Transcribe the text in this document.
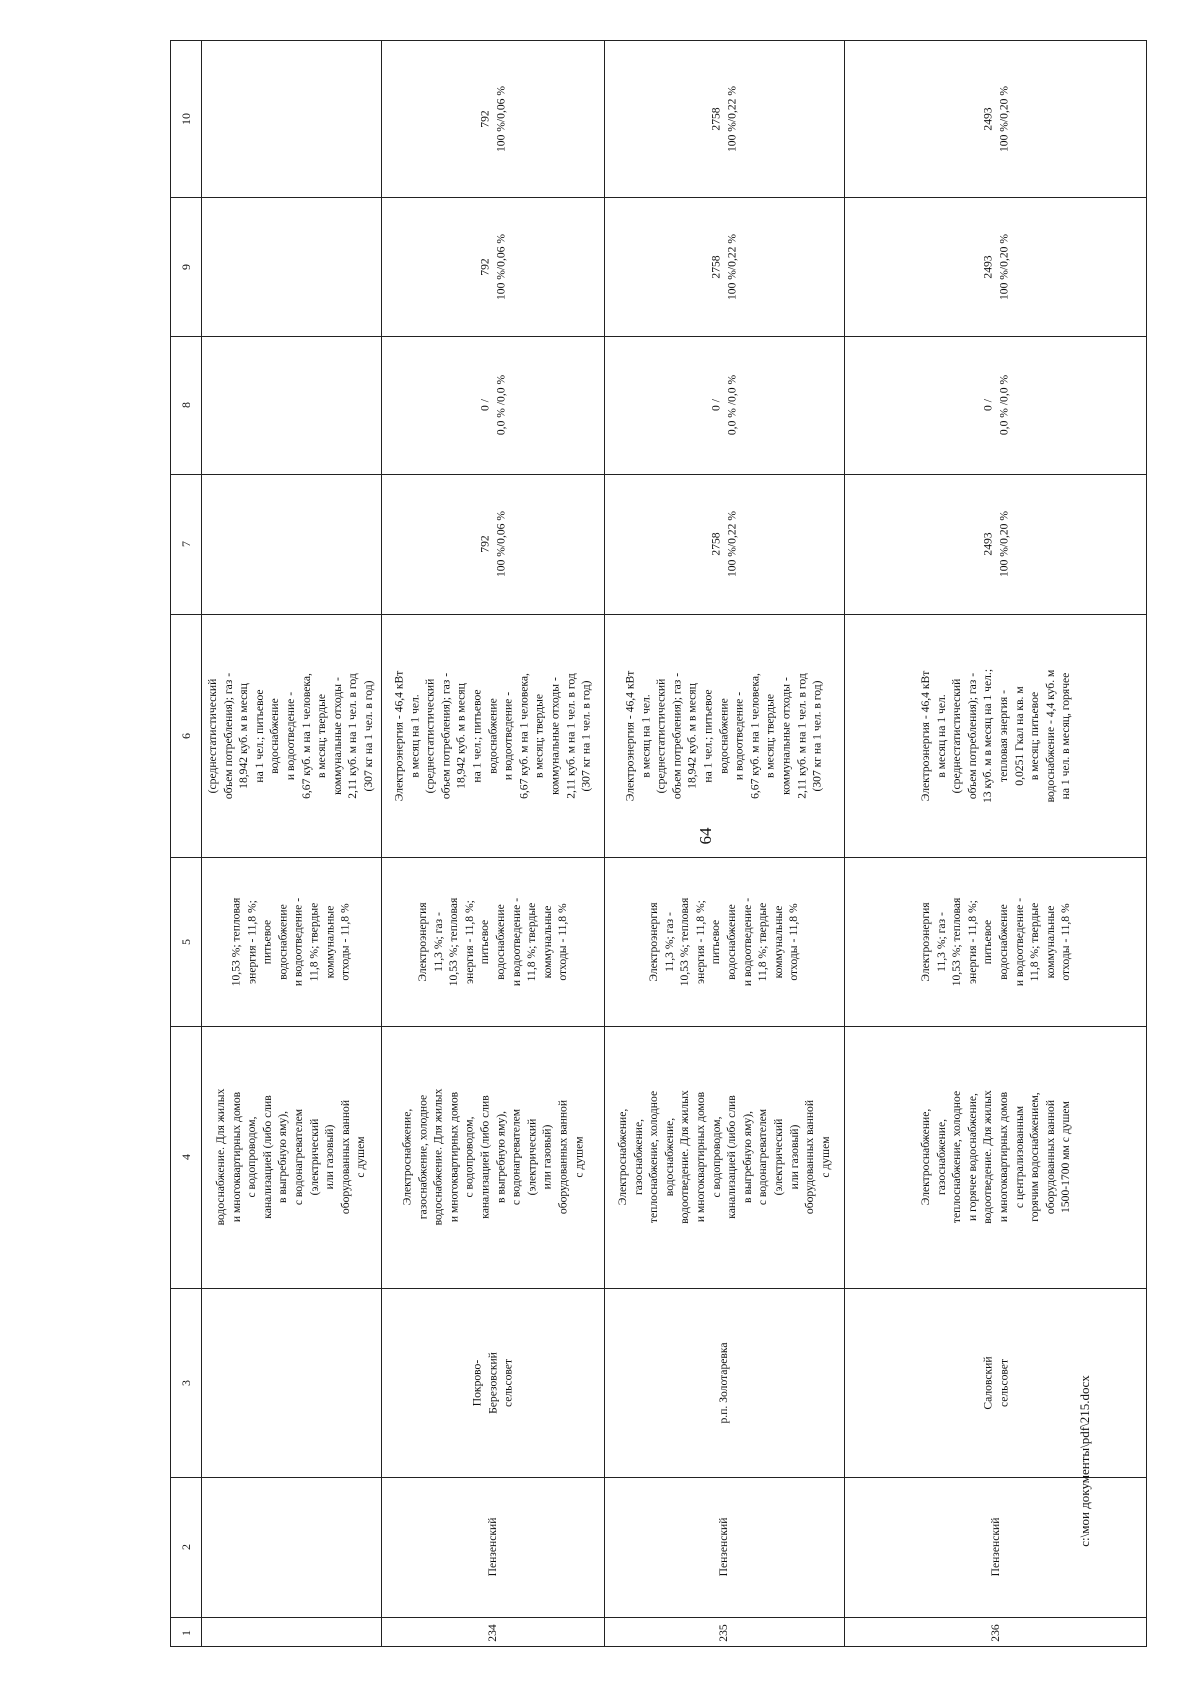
64
1
2
3
4
5
6
7
8
9
10
водоснабжение. Для жилых
и многоквартирных домов
с водопроводом,
канализацией (либо слив
в выгребную яму),
с водонагревателем
(электрический
или газовый)
оборудованных ванной
с душем
10,53 %; тепловая
энергия - 11,8 %;
питьевое
водоснабжение
и водоотведение -
11,8 %; твердые
коммунальные
отходы - 11,8 %
(среднестатистический
объем потребления); газ -
18,942 куб. м в месяц
на 1 чел.; питьевое
водоснабжение
и водоотведение -
6,67 куб. м на 1 человека,
в месяц; твердые
коммунальные отходы -
2,11 куб. м на 1 чел. в год
(307 кг на 1 чел. в год)
234
Пензенский
Покрово-
Березовский
сельсовет
Электроснабжение,
газоснабжение, холодное
водоснабжение. Для жилых
и многоквартирных домов
с водопроводом,
канализацией (либо слив
в выгребную яму),
с водонагревателем
(электрический
или газовый)
оборудованных ванной
с душем
Электроэнергия
11,3 %; газ -
10,53 %; тепловая
энергия - 11,8 %;
питьевое
водоснабжение
и водоотведение -
11,8 %; твердые
коммунальные
отходы - 11,8 %
Электроэнергия - 46,4 кВт
в месяц на 1 чел.
(среднестатистический
объем потребления); газ -
18,942 куб. м в месяц
на 1 чел.; питьевое
водоснабжение
и водоотведение -
6,67 куб. м на 1 человека,
в месяц; твердые
коммунальные отходы -
2,11 куб. м на 1 чел. в год
(307 кг на 1 чел. в год)
792
100 %/0,06 %
0 /
0,0 % /0,0 %
792
100 %/0,06 %
792
100 %/0,06 %
235
Пензенский
р.п. Золотаревка
Электроснабжение,
газоснабжение,
теплоснабжение, холодное
водоснабжение,
водоотведение. Для жилых
и многоквартирных домов
с водопроводом,
канализацией (либо слив
в выгребную яму),
с водонагревателем
(электрический
или газовый)
оборудованных ванной
с душем
Электроэнергия
11,3 %; газ -
10,53 %; тепловая
энергия - 11,8 %;
питьевое
водоснабжение
и водоотведение -
11,8 %; твердые
коммунальные
отходы - 11,8 %
Электроэнергия - 46,4 кВт
в месяц на 1 чел.
(среднестатистический
объем потребления); газ -
18,942 куб. м в месяц
на 1 чел.; питьевое
водоснабжение
и водоотведение -
6,67 куб. м на 1 человека,
в месяц; твердые
коммунальные отходы -
2,11 куб. м на 1 чел. в год
(307 кг на 1 чел. в год)
2758
100 %/0,22 %
0 /
0,0 % /0,0 %
2758
100 %/0,22 %
2758
100 %/0,22 %
236
Пензенский
Саловский
сельсовет
Электроснабжение,
газоснабжение,
теплоснабжение, холодное
и горячее водоснабжение,
водоотведение. Для жилых
и многоквартирных домов
с централизованным
горячим водоснабжением,
оборудованных ванной
1500-1700 мм с душем
Электроэнергия
11,3 %; газ -
10,53 %; тепловая
энергия - 11,8 %;
питьевое
водоснабжение
и водоотведение -
11,8 %; твердые
коммунальные
отходы - 11,8 %
Электроэнергия - 46,4 кВт
в месяц на 1 чел.
(среднестатистический
объем потребления); газ -
13 куб. м в месяц на 1 чел.;
тепловая энергия -
0,0251 Гкал на кв. м
в месяц; питьевое
водоснабжение - 4,4 куб. м
на 1 чел. в месяц, горячее
2493
100 %/0,20 %
0 /
0,0 % /0,0 %
2493
100 %/0,20 %
2493
100 %/0,20 %
c:\мои документы\pdf\215.docx
